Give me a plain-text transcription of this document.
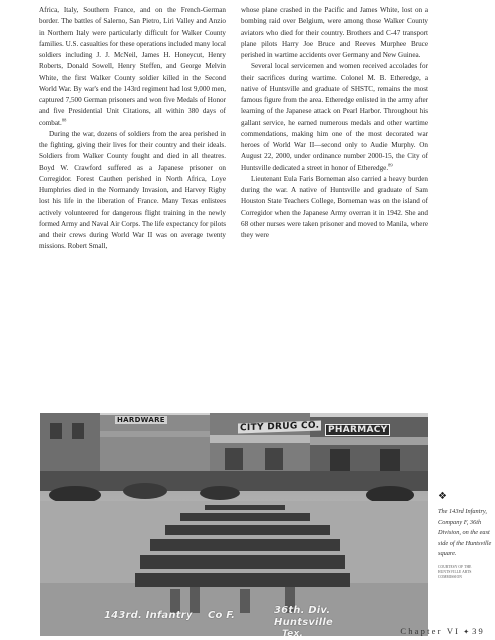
Africa, Italy, Southern France, and on the French-German border. The battles of Salerno, San Pietro, Liri Valley and Anzio in Northern Italy were particularly difficult for Walker County families. U.S. casualties for these operations included many local soldiers including J. J. McNeil, James H. Honeycut, Henry Roberts, Donald Sowell, Henry Steffen, and George Melvin White, the first Walker County soldier killed in the Second World War. By war's end the 143rd regiment had lost 9,000 men, captured 7,500 German prisoners and won five Medals of Honor and five Presidential Unit Citations, all within 380 days of combat.$^{88}$

During the war, dozens of soldiers from the area perished in the fighting, giving their lives for their country and their ideals. Soldiers from Walker County fought and died in all theatres. Boyd W. Crawford suffered as a Japanese prisoner on Corregidor. Forest Cauthen perished in North Africa, Loye Humphries died in the Normandy Invasion, and Harvey Rigby lost his life in the liberation of France. Many Texas enlistees actively volunteered for dangerous flight training in the newly formed Army and Naval Air Corps. The life expectancy for pilots and their crews during World War II was on average twenty missions. Robert Small,

whose plane crashed in the Pacific and James White, lost on a bombing raid over Belgium, were among those Walker County aviators who died for their country. Brothers and C-47 transport plane pilots Harry Joe Bruce and Reeves Murphee Bruce perished in wartime accidents over Germany and New Guinea.

Several local servicemen and women received accolades for their sacrifices during wartime. Colonel M. B. Etheredge, a native of Huntsville and graduate of SHSTC, remains the most famous figure from the area. Etheredge enlisted in the army after learning of the Japanese attack on Pearl Harbor. Throughout his gallant service, he earned numerous medals and other wartime commendations, making him one of the most decorated war heroes of World War II—second only to Audie Murphy. On August 22, 2000, under ordinance number 2000-15, the City of Huntsville dedicated a street in honor of Etheredge.$^{89}$

Lieutenant Eula Faris Borneman also carried a heavy burden during the war. A native of Huntsville and graduate of Sam Houston State Teachers College, Borneman was on the island of Corregidor when the Japanese Army overran it in 1942. She and 68 other nurses were taken prisoner and moved to Manila, where they were

HARDWARE
CITY DRUG CO. PHARMACY
143rd. Infantry Co F.	36th. Div.
Huntsville
Tex.
❖
The 143rd Infantry, Company F, 36th Division, on the east side of the Huntsville square.
COURTESY OF THE HUNTSVILLE ARTS COMMISSION
Chapter VI ✦ 39
